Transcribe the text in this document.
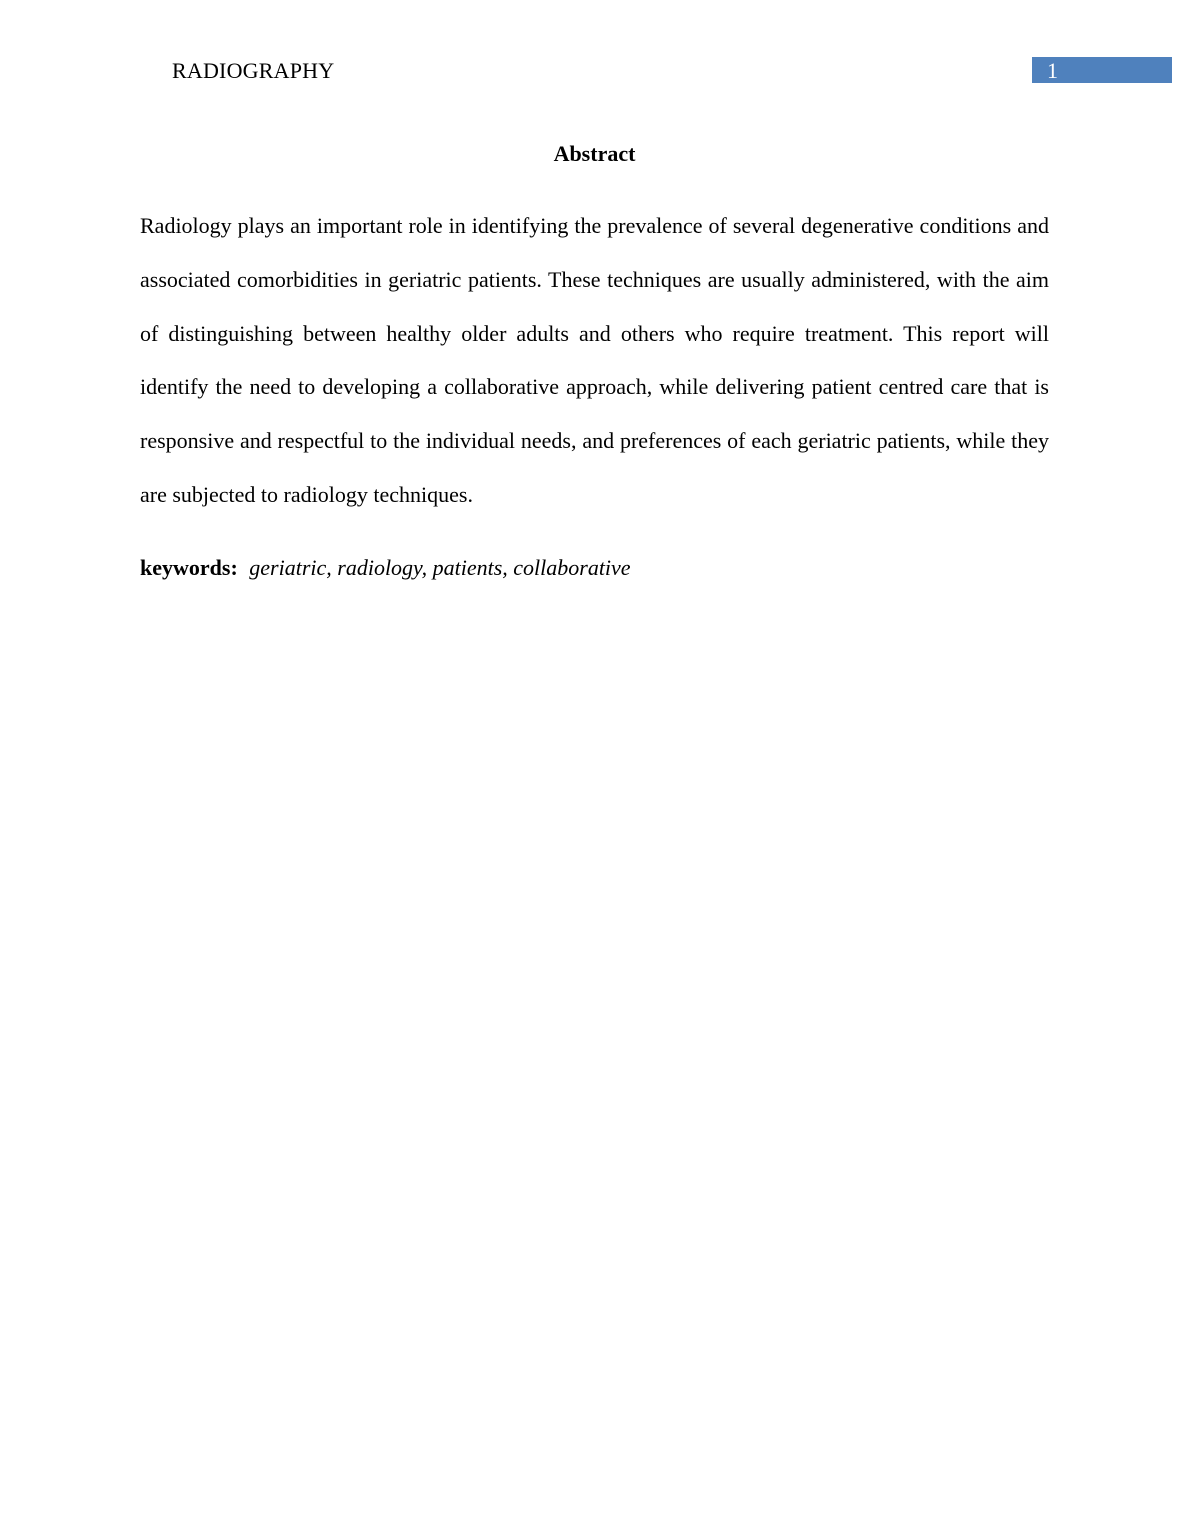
RADIOGRAPHY	1
Abstract

Radiology plays an important role in identifying the prevalence of several degenerative conditions and associated comorbidities in geriatric patients. These techniques are usually administered, with the aim of distinguishing between healthy older adults and others who require treatment. This report will identify the need to developing a collaborative approach, while delivering patient centred care that is responsive and respectful to the individual needs, and preferences of each geriatric patients, while they are subjected to radiology techniques.

keywords: geriatric, radiology, patients, collaborative
